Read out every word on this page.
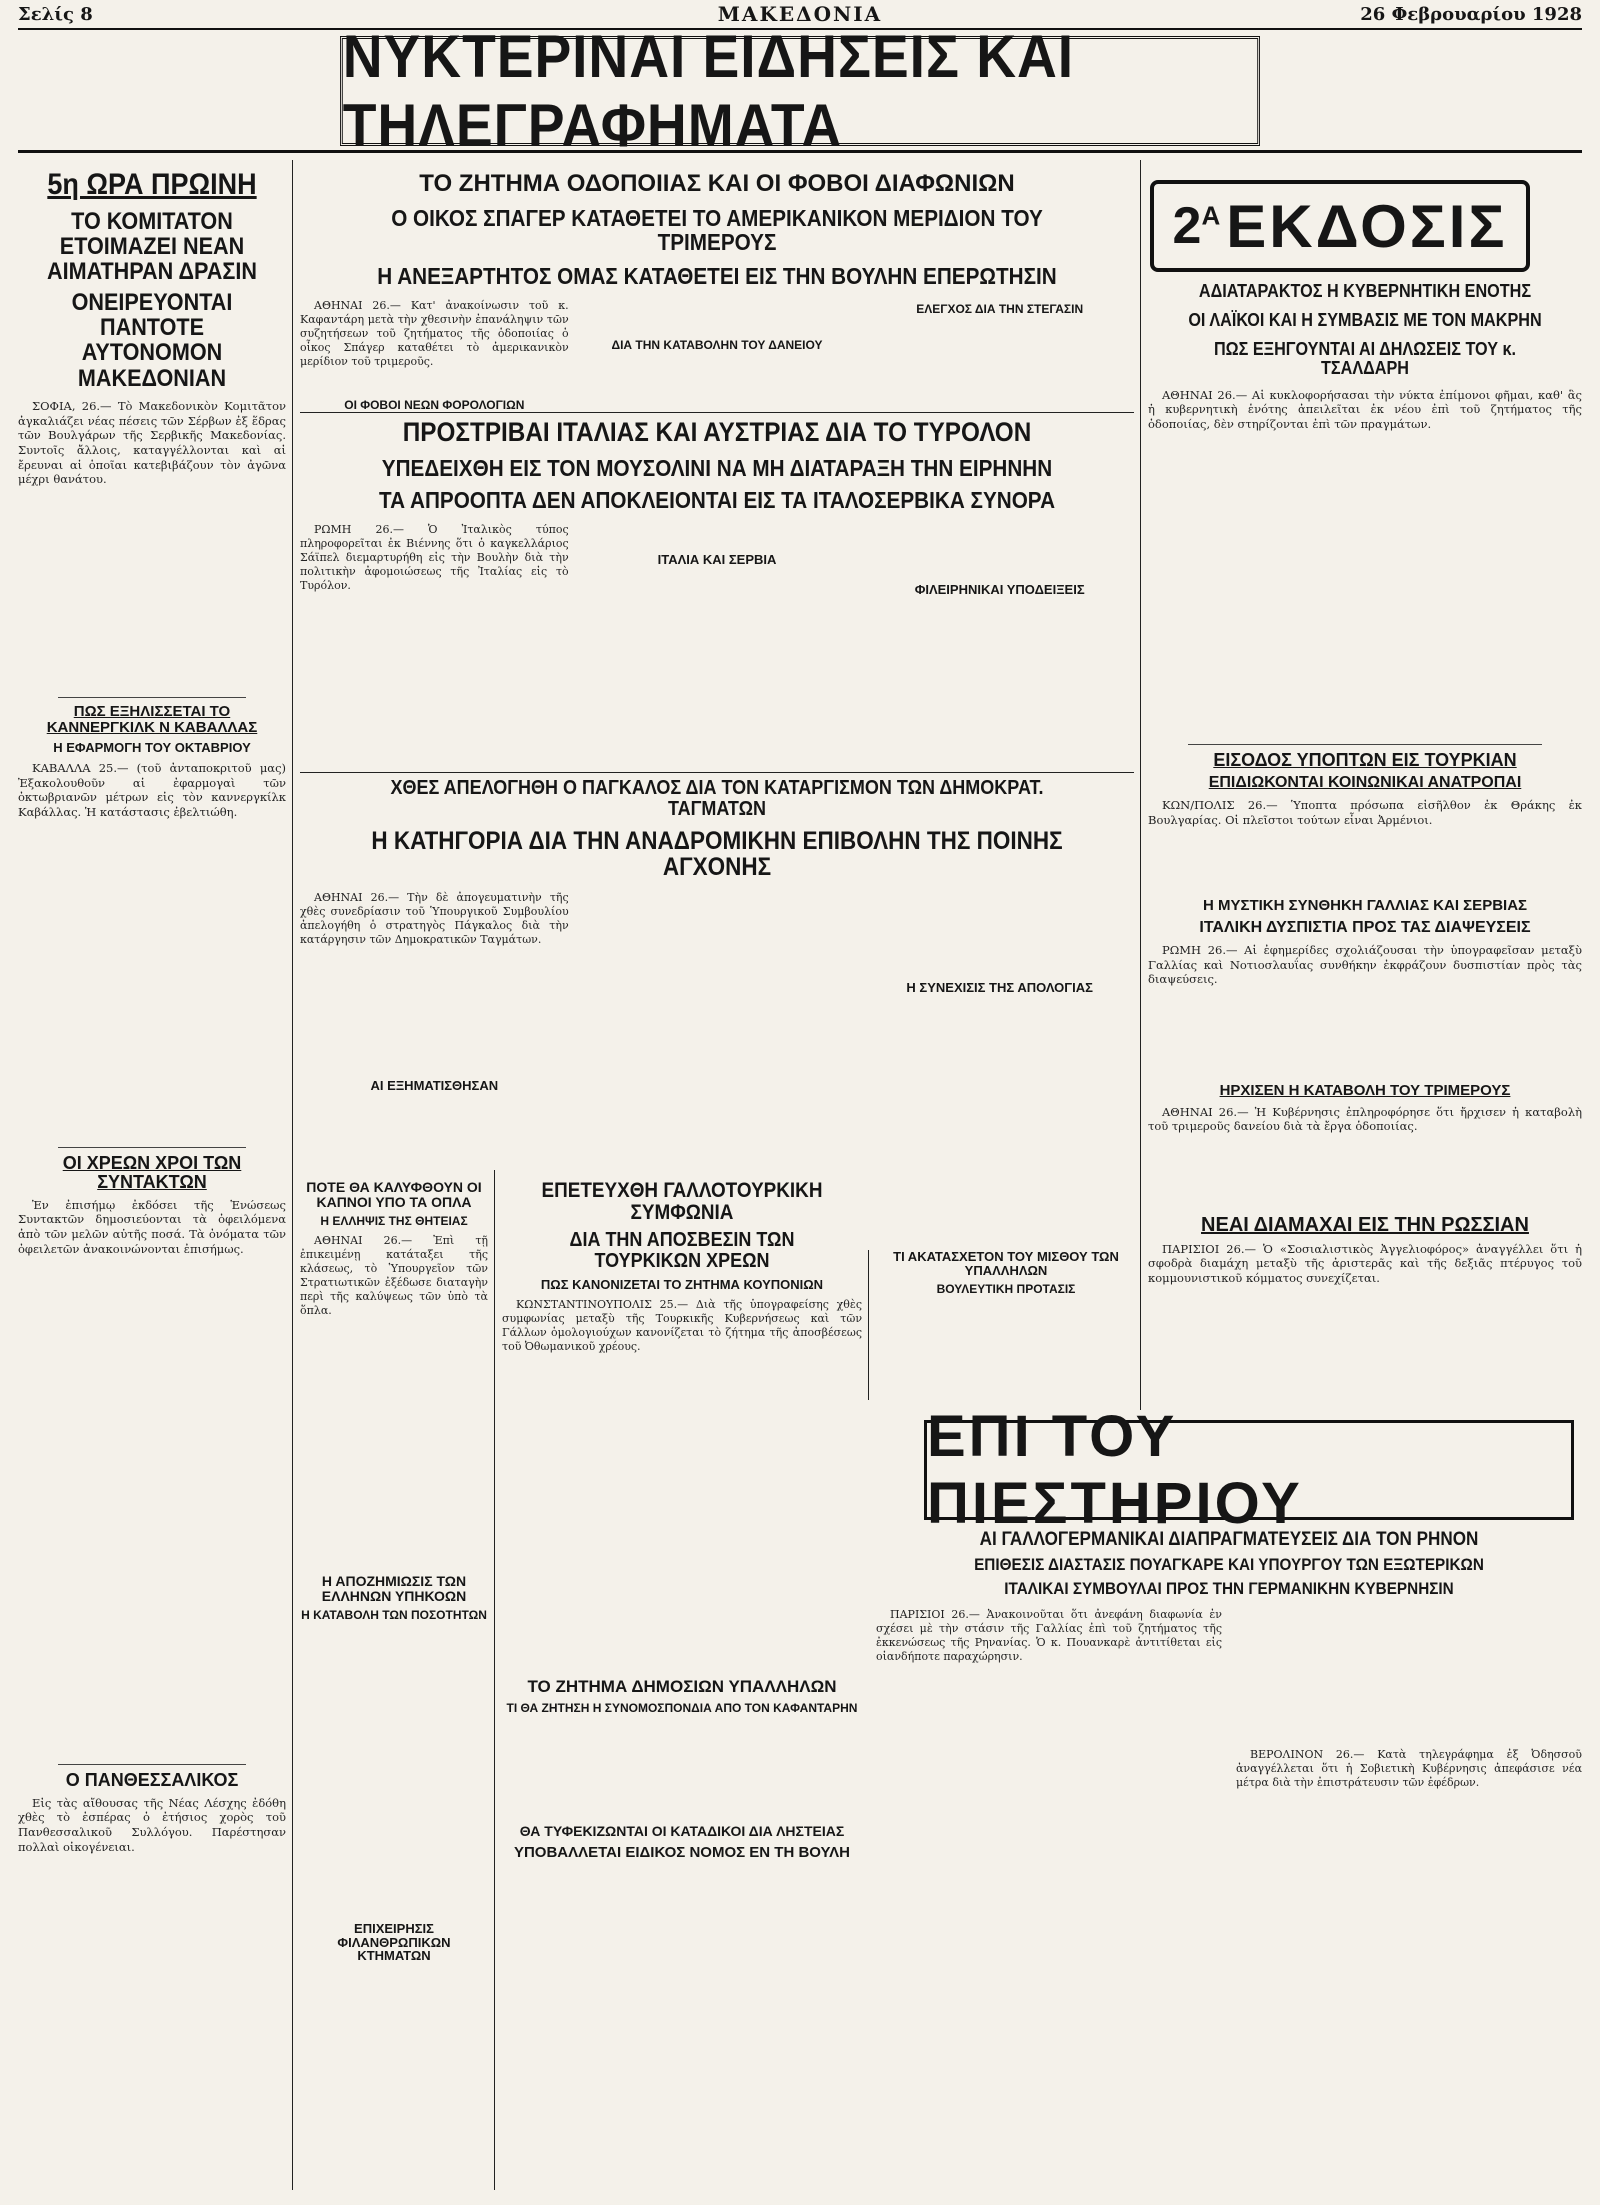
Σελίς 8	ΜΑΚΕΔΟΝΙΑ	26 Φεβρουαρίου 1928
ΝΥΚΤΕΡΙΝΑΙ ΕΙΔΗΣΕΙΣ ΚΑΙ ΤΗΛΕΓΡΑΦΗΜΑΤΑ
5η ΩΡΑ ΠΡΩΙΝΗ
ΤΟ ΚΟΜΙΤΑΤΟΝ ΕΤΟΙΜΑΖΕΙ ΝΕΑΝ ΑΙΜΑΤΗΡΑΝ ΔΡΑΣΙΝ
ΟΝΕΙΡΕΥΟΝΤΑΙ ΠΑΝΤΟΤΕ ΑΥΤΟΝΟΜΟΝ ΜΑΚΕΔΟΝΙΑΝ

ΣΟΦΙΑ, 26.— Τὸ Μακεδονικὸν Κομιτᾶτον ἀγκαλιάζει νέας πέσεις τῶν Σέρβων ἐξ ἕδρας τῶν Βουλγάρων τῆς Σερβικῆς Μακεδονίας. Συντοῖς ἄλλοις, καταγγέλλονται καὶ αἱ ἔρευναι αἱ ὁποῖαι κατεβιβάζουν τὸν ἀγῶνα μέχρι θανάτου.

ΠΩΣ ΕΞΗΛΙΣΣΕΤΑΙ ΤΟ ΚΑΝΝΕΡΓΚΙΛΚ Ν ΚΑΒΑΛΛΑΣ
Η ΕΦΑΡΜΟΓΗ ΤΟΥ ΟΚΤΑΒΡΙΟΥ

ΚΑΒΑΛΛΑ 25.— (τοῦ ἀνταποκριτοῦ μας) Ἐξακολουθοῦν αἱ ἐφαρμογαὶ τῶν ὀκτωβριανῶν μέτρων εἰς τὸν καννεργκίλκ Καβάλλας. Ἡ κατάστασις ἐβελτιώθη.

ΟΙ ΧΡΕΩΝ ΧΡΟΙ ΤΩΝ ΣΥΝΤΑΚΤΩΝ

Ἐν ἐπισήμῳ ἐκδόσει τῆς Ἑνώσεως Συντακτῶν δημοσιεύονται τὰ ὀφειλόμενα ἀπὸ τῶν μελῶν αὐτῆς ποσά. Τὰ ὀνόματα τῶν ὀφειλετῶν ἀνακοινώνονται ἐπισήμως.

Ο ΠΑΝΘΕΣΣΑΛΙΚΟΣ

Εἰς τὰς αἴθουσας τῆς Νέας Λέσχης ἐδόθη χθὲς τὸ ἑσπέρας ὁ ἐτήσιος χορὸς τοῦ Πανθεσσαλικοῦ Συλλόγου. Παρέστησαν πολλαὶ οἰκογένειαι.

ΤΟ ΖΗΤΗΜΑ ΟΔΟΠΟΙΙΑΣ ΚΑΙ ΟΙ ΦΟΒΟΙ ΔΙΑΦΩΝΙΩΝ
Ο ΟΙΚΟΣ ΣΠΑΓΕΡ ΚΑΤΑΘΕΤΕΙ ΤΟ ΑΜΕΡΙΚΑΝΙΚΟΝ ΜΕΡΙΔΙΟΝ ΤΟΥ ΤΡΙΜΕΡΟΥΣ
Η ΑΝΕΞΑΡΤΗΤΟΣ ΟΜΑΣ ΚΑΤΑΘΕΤΕΙ ΕΙΣ ΤΗΝ ΒΟΥΛΗΝ ΕΠΕΡΩΤΗΣΙΝ

ΑΘΗΝΑΙ 26.— Κατ' ἀνακοίνωσιν τοῦ κ. Καφαντάρη μετὰ τὴν χθεσινὴν ἐπανάληψιν τῶν συζητήσεων τοῦ ζητήματος τῆς ὁδοποιίας ὁ οἶκος Σπάγερ καταθέτει τὸ ἀμερικανικὸν μερίδιον τοῦ τριμεροῦς.

ΟΙ ΦΟΒΟΙ ΝΕΩΝ ΦΟΡΟΛΟΓΙΩΝ
ΔΙΑ ΤΗΝ ΚΑΤΑΒΟΛΗΝ ΤΟΥ ΔΑΝΕΙΟΥ
ΕΛΕΓΧΟΣ ΔΙΑ ΤΗΝ ΣΤΕΓΑΣΙΝ
ΠΡΟΣΤΡΙΒΑΙ ΙΤΑΛΙΑΣ ΚΑΙ ΑΥΣΤΡΙΑΣ ΔΙΑ ΤΟ ΤΥΡΟΛΟΝ
ΥΠΕΔΕΙΧΘΗ ΕΙΣ ΤΟΝ ΜΟΥΣΟΛΙΝΙ ΝΑ ΜΗ ΔΙΑΤΑΡΑΞΗ ΤΗΝ ΕΙΡΗΝΗΝ
ΤΑ ΑΠΡΟΟΠΤΑ ΔΕΝ ΑΠΟΚΛΕΙΟΝΤΑΙ ΕΙΣ ΤΑ ΙΤΑΛΟΣΕΡΒΙΚΑ ΣΥΝΟΡΑ

ΡΩΜΗ 26.— Ὁ Ἰταλικὸς τύπος πληροφορεῖται ἐκ Βιέννης ὅτι ὁ καγκελλάριος Σάϊπελ διεμαρτυρήθη εἰς τὴν Βουλὴν διὰ τὴν πολιτικὴν ἀφομοιώσεως τῆς Ἰταλίας εἰς τὸ Τυρόλον.

ΙΤΑΛΙΑ ΚΑΙ ΣΕΡΒΙΑ
ΦΙΛΕΙΡΗΝΙΚΑΙ ΥΠΟΔΕΙΞΕΙΣ
ΧΘΕΣ ΑΠΕΛΟΓΗΘΗ Ο ΠΑΓΚΑΛΟΣ ΔΙΑ ΤΟΝ ΚΑΤΑΡΓΙΣΜΟΝ ΤΩΝ ΔΗΜΟΚΡΑΤ. ΤΑΓΜΑΤΩΝ
Η ΚΑΤΗΓΟΡΙΑ ΔΙΑ ΤΗΝ ΑΝΑΔΡΟΜΙΚΗΝ ΕΠΙΒΟΛΗΝ ΤΗΣ ΠΟΙΝΗΣ ΑΓΧΟΝΗΣ

ΑΘΗΝΑΙ 26.— Τὴν δὲ ἀπογευματινὴν τῆς χθὲς συνεδρίασιν τοῦ Ὑπουργικοῦ Συμβουλίου ἀπελογήθη ὁ στρατηγὸς Πάγκαλος διὰ τὴν κατάργησιν τῶν Δημοκρατικῶν Ταγμάτων.

ΑΙ ΕΞΗΜΑΤΙΣΘΗΣΑΝ
Η ΣΥΝΕΧΙΣΙΣ ΤΗΣ ΑΠΟΛΟΓΙΑΣ
$2^A$ ΕΚΔΟΣΙΣ
ΑΔΙΑΤΑΡΑΚΤΟΣ Η ΚΥΒΕΡΝΗΤΙΚΗ ΕΝΟΤΗΣ
ΟΙ ΛΑΪΚΟΙ ΚΑΙ Η ΣΥΜΒΑΣΙΣ ΜΕ ΤΟΝ ΜΑΚΡΗΝ
ΠΩΣ ΕΞΗΓΟΥΝΤΑΙ ΑΙ ΔΗΛΩΣΕΙΣ ΤΟΥ κ. ΤΣΑΛΔΑΡΗ

ΑΘΗΝΑΙ 26.— Αἱ κυκλοφορήσασαι τὴν νύκτα ἐπίμονοι φῆμαι, καθ' ἃς ἡ κυβερνητικὴ ἑνότης ἀπειλεῖται ἐκ νέου ἐπὶ τοῦ ζητήματος τῆς ὁδοποιίας, δὲν στηρίζονται ἐπὶ τῶν πραγμάτων.

ΕΙΣΟΔΟΣ ΥΠΟΠΤΩΝ ΕΙΣ ΤΟΥΡΚΙΑΝ
ΕΠΙΔΙΩΚΟΝΤΑΙ ΚΟΙΝΩΝΙΚΑΙ ΑΝΑΤΡΟΠΑΙ

ΚΩΝ/ΠΟΛΙΣ 26.— Ὑποπτα πρόσωπα εἰσῆλθον ἐκ Θράκης ἐκ Βουλγαρίας. Οἱ πλεῖστοι τούτων εἶναι Ἀρμένιοι.

Η ΜΥΣΤΙΚΗ ΣΥΝΘΗΚΗ ΓΑΛΛΙΑΣ ΚΑΙ ΣΕΡΒΙΑΣ
ΙΤΑΛΙΚΗ ΔΥΣΠΙΣΤΙΑ ΠΡΟΣ ΤΑΣ ΔΙΑΨΕΥΣΕΙΣ

ΡΩΜΗ 26.— Αἱ ἐφημερίδες σχολιάζουσαι τὴν ὑπογραφεῖσαν μεταξὺ Γαλλίας καὶ Νοτιοσλαυΐας συνθήκην ἐκφράζουν δυσπιστίαν πρὸς τὰς διαψεύσεις.

ΗΡΧΙΣΕΝ Η ΚΑΤΑΒΟΛΗ ΤΟΥ ΤΡΙΜΕΡΟΥΣ

ΑΘΗΝΑΙ 26.— Ἡ Κυβέρνησις ἐπληροφόρησε ὅτι ἤρχισεν ἡ καταβολὴ τοῦ τριμεροῦς δανείου διὰ τὰ ἔργα ὁδοποιίας.

ΝΕΑΙ ΔΙΑΜΑΧΑΙ ΕΙΣ ΤΗΝ ΡΩΣΣΙΑΝ

ΠΑΡΙΣΙΟΙ 26.— Ὁ «Σοσιαλιστικὸς Ἀγγελιοφόρος» ἀναγγέλλει ὅτι ἡ σφοδρὰ διαμάχη μεταξὺ τῆς ἀριστερᾶς καὶ τῆς δεξιᾶς πτέρυγος τοῦ κομμουνιστικοῦ κόμματος συνεχίζεται.

ΠΟΤΕ ΘΑ ΚΑΛΥΦΘΟΥΝ ΟΙ ΚΑΠΝΟΙ ΥΠΟ ΤΑ ΟΠΛΑ
Η ΕΛΛΗΨΙΣ ΤΗΣ ΘΗΤΕΙΑΣ

ΑΘΗΝΑΙ 26.— Ἐπὶ τῇ ἐπικειμένῃ κατάταξει τῆς κλάσεως, τὸ Ὑπουργεῖον τῶν Στρατιωτικῶν ἐξέδωσε διαταγὴν περὶ τῆς καλύψεως τῶν ὑπὸ τὰ ὅπλα.

Η ΑΠΟΖΗΜΙΩΣΙΣ ΤΩΝ ΕΛΛΗΝΩΝ ΥΠΗΚΟΩΝ
Η ΚΑΤΑΒΟΛΗ ΤΩΝ ΠΟΣΟΤΗΤΩΝ
ΕΠΙΧΕΙΡΗΣΙΣ ΦΙΛΑΝΘΡΩΠΙΚΩΝ ΚΤΗΜΑΤΩΝ
ΕΠΕΤΕΥΧΘΗ ΓΑΛΛΟΤΟΥΡΚΙΚΗ ΣΥΜΦΩΝΙΑ
ΔΙΑ ΤΗΝ ΑΠΟΣΒΕΣΙΝ ΤΩΝ ΤΟΥΡΚΙΚΩΝ ΧΡΕΩΝ
ΠΩΣ ΚΑΝΟΝΙΖΕΤΑΙ ΤΟ ΖΗΤΗΜΑ ΚΟΥΠΟΝΙΩΝ

ΚΩΝΣΤΑΝΤΙΝΟΥΠΟΛΙΣ 25.— Διὰ τῆς ὑπογραφείσης χθὲς συμφωνίας μεταξὺ τῆς Τουρκικῆς Κυβερνήσεως καὶ τῶν Γάλλων ὁμολογιούχων κανονίζεται τὸ ζήτημα τῆς ἀποσβέσεως τοῦ Ὀθωμανικοῦ χρέους.

ΤΟ ΖΗΤΗΜΑ ΔΗΜΟΣΙΩΝ ΥΠΑΛΛΗΛΩΝ
ΤΙ ΘΑ ΖΗΤΗΣΗ Η ΣΥΝΟΜΟΣΠΟΝΔΙΑ ΑΠΟ ΤΟΝ ΚΑΦΑΝΤΑΡΗΝ
ΘΑ ΤΥΦΕΚΙΖΩΝΤΑΙ ΟΙ ΚΑΤΑΔΙΚΟΙ ΔΙΑ ΛΗΣΤΕΙΑΣ
ΥΠΟΒΑΛΛΕΤΑΙ ΕΙΔΙΚΟΣ ΝΟΜΟΣ ΕΝ ΤΗ ΒΟΥΛΗ
ΤΙ ΑΚΑΤΑΣΧΕΤΟΝ ΤΟΥ ΜΙΣΘΟΥ ΤΩΝ ΥΠΑΛΛΗΛΩΝ
ΒΟΥΛΕΥΤΙΚΗ ΠΡΟΤΑΣΙΣ
ΕΠΙ ΤΟΥ ΠΙΕΣΤΗΡΙΟΥ
ΑΙ ΓΑΛΛΟΓΕΡΜΑΝΙΚΑΙ ΔΙΑΠΡΑΓΜΑΤΕΥΣΕΙΣ ΔΙΑ ΤΟΝ ΡΗΝΟΝ
ΕΠΙΘΕΣΙΣ ΔΙΑΣΤΑΣΙΣ ΠΟΥΑΓΚΑΡΕ ΚΑΙ ΥΠΟΥΡΓΟΥ ΤΩΝ ΕΞΩΤΕΡΙΚΩΝ
ΙΤΑΛΙΚΑΙ ΣΥΜΒΟΥΛΑΙ ΠΡΟΣ ΤΗΝ ΓΕΡΜΑΝΙΚΗΝ ΚΥΒΕΡΝΗΣΙΝ

ΠΑΡΙΣΙΟΙ 26.— Ἀνακοινοῦται ὅτι ἀνεφάνη διαφωνία ἐν σχέσει μὲ τὴν στάσιν τῆς Γαλλίας ἐπὶ τοῦ ζητήματος τῆς ἐκκενώσεως τῆς Ρηνανίας. Ὁ κ. Πουανκαρὲ ἀντιτίθεται εἰς οἱανδήποτε παραχώρησιν.

ΒΕΡΟΛΙΝΟΝ 26.— Κατὰ τηλεγράφημα ἐξ Ὀδησσοῦ ἀναγγέλλεται ὅτι ἡ Σοβιετικὴ Κυβέρνησις ἀπεφάσισε νέα μέτρα διὰ τὴν ἐπιστράτευσιν τῶν ἐφέδρων.
